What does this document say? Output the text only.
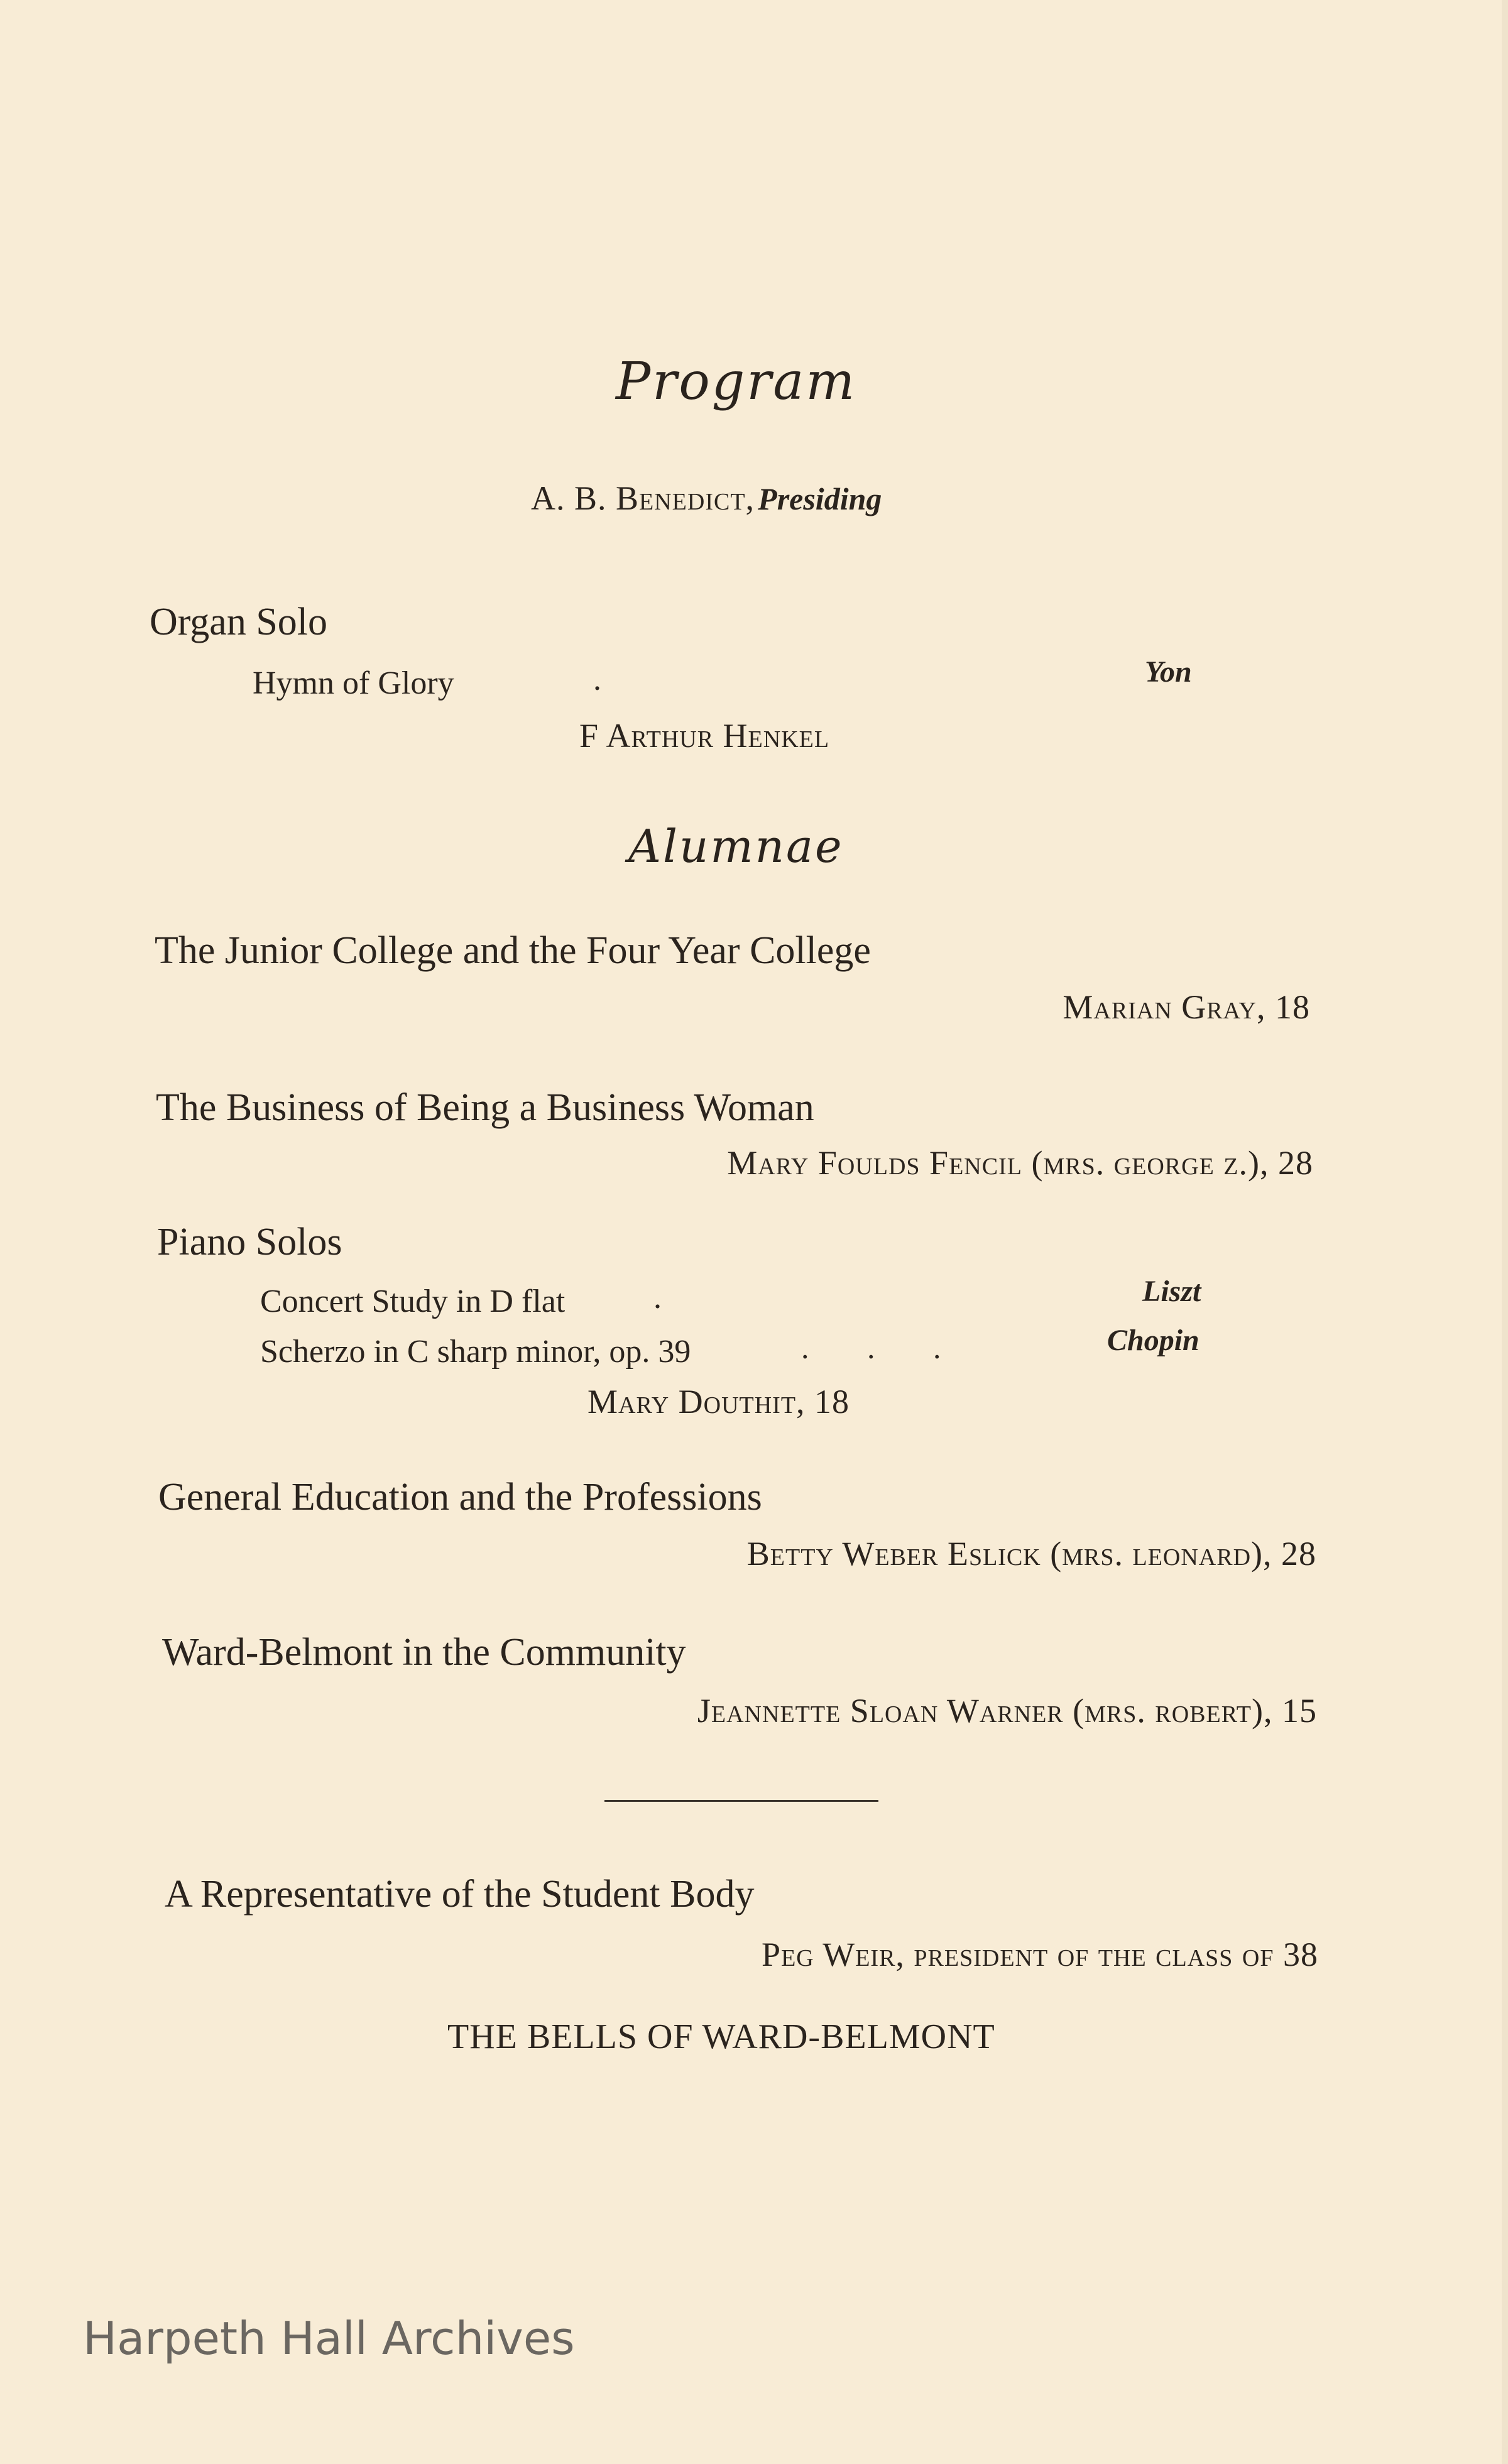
Program
A. B. Benedict, Presiding
Organ Solo
Hymn of Glory	.	Yon
F Arthur Henkel
Alumnae
The Junior College and the Four Year College
Marian Gray, 18
The Business of Being a Business Woman
Mary Foulds Fencil (mrs. george z.), 28
Piano Solos
Concert Study in D flat	.	Liszt
Scherzo in C sharp minor, op. 39	. . .	Chopin
Mary Douthit, 18
General Education and the Professions
Betty Weber Eslick (mrs. leonard), 28
Ward-Belmont in the Community
Jeannette Sloan Warner (mrs. robert), 15
A Representative of the Student Body
Peg Weir, president of the class of 38
THE BELLS OF WARD-BELMONT
Harpeth Hall Archives
